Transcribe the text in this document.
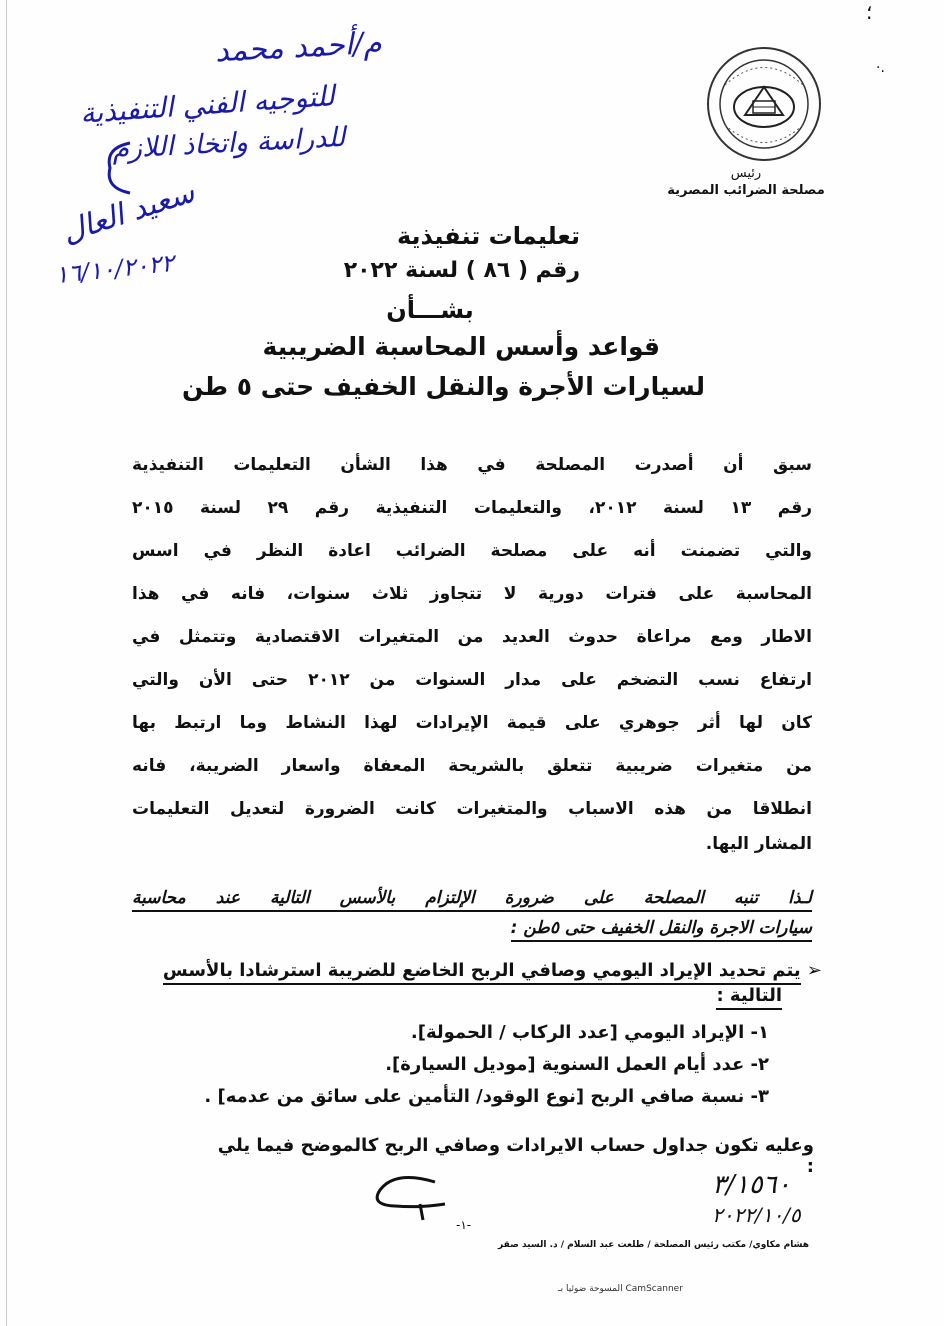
؛
·.
رئيس
مصلحة الضرائب المصرية
م/أحمد محمد
للتوجيه الفني التنفيذية
للدراسة واتخاذ اللازم
سعيد العال
١٦/١٠/٢٠٢٢
تعليمات تنفيذية
رقم ( ٨٦ ) لسنة ٢٠٢٢
بشـــأن
قواعد وأسس المحاسبة الضريبية
لسيارات الأجرة والنقل الخفيف حتى ٥ طن
سبق أن أصدرت المصلحة في هذا الشأن التعليمات التنفيذية
رقم ١٣ لسنة ٢٠١٢، والتعليمات التنفيذية رقم ٢٩ لسنة ٢٠١٥
والتي تضمنت أنه على مصلحة الضرائب اعادة النظر في اسس
المحاسبة على فترات دورية لا تتجاوز ثلاث سنوات، فانه في هذا
الاطار ومع مراعاة حدوث العديد من المتغيرات الاقتصادية وتتمثل في
ارتفاع نسب التضخم على مدار السنوات من ٢٠١٢ حتى الأن والتي
كان لها أثر جوهري على قيمة الإيرادات لهذا النشاط وما ارتبط بها
من متغيرات ضريبية تتعلق بالشريحة المعفاة واسعار الضريبة، فانه
انطلاقا من هذه الاسباب والمتغيرات كانت الضرورة لتعديل التعليمات
المشار اليها.
لـذا تنبه المصلحة على ضرورة الإلتزام بالأسس التالية عند محاسبة
سيارات الاجرة والنقل الخفيف حتى ٥طن :
➢ يتم تحديد الإيراد اليومي وصافي الربح الخاضع للضريبة استرشادا بالأسس
التالية :
١- الإيراد اليومي [عدد الركاب / الحمولة].
٢- عدد أيام العمل السنوية [موديل السيارة].
٣- نسبة صافي الربح [نوع الوقود/ التأمين على سائق من عدمه] .
وعليه تكون جداول حساب الايرادات وصافي الربح كالموضح فيما يلي :
-١-
٣/١٥٦٠
٢٠٢٢/١٠/٥
هشام مكاوي/ مكتب رئيس المصلحة / طلعت عبد السلام / د. السيد صقر
المسوحة ضوئيا بـ CamScanner
